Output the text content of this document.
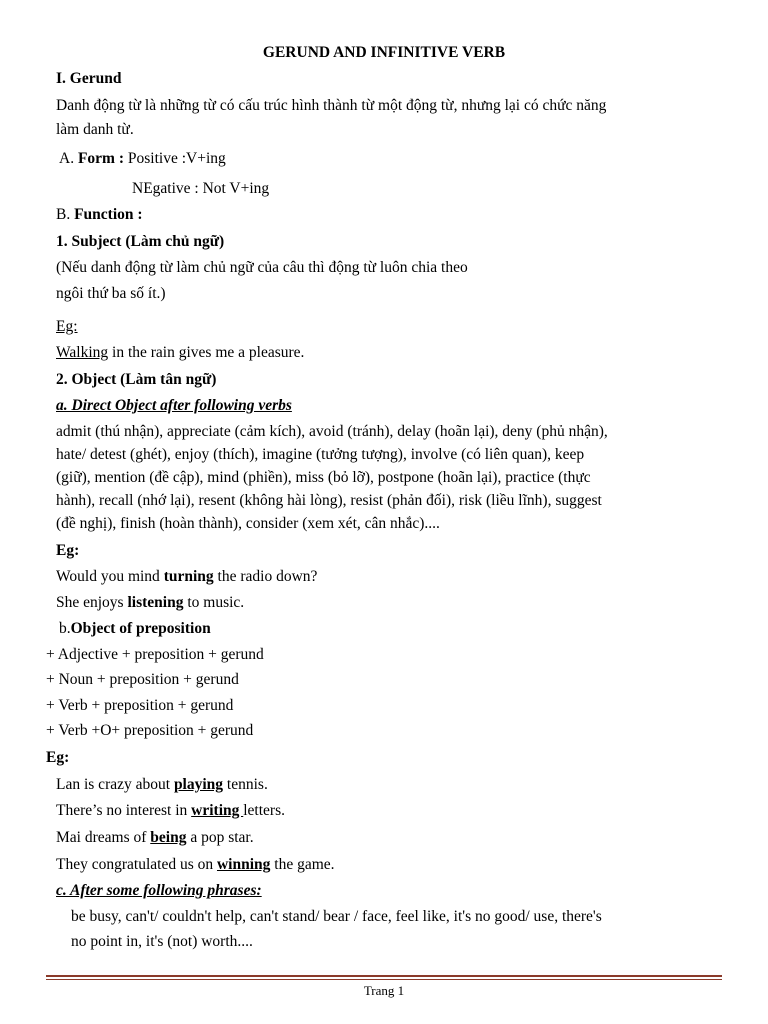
GERUND AND INFINITIVE VERB
I. Gerund
Danh động từ là những từ có cấu trúc hình thành từ một động từ, nhưng lại có chức năng
làm danh từ.
A. Form : Positive :V+ing
NEgative : Not V+ing
B. Function :
1. Subject (Làm chủ ngữ)
(Nếu danh động từ làm chủ ngữ của câu thì động từ luôn chia theo
ngôi thứ ba số ít.)
Eg:
Walking in the rain gives me a pleasure.
2. Object (Làm tân ngữ)
a. Direct Object after following verbs
admit (thú nhận), appreciate (cảm kích), avoid (tránh), delay (hoãn lại), deny (phủ nhận),
hate/ detest (ghét), enjoy (thích), imagine (tưởng tượng), involve (có liên quan), keep
(giữ), mention (đề cập), mind (phiền), miss (bỏ lỡ), postpone (hoãn lại), practice (thực
hành), recall (nhớ lại), resent (không hài lòng), resist (phản đối), risk (liều lĩnh), suggest
(đề nghị), finish (hoàn thành), consider (xem xét, cân nhắc)....
Eg:
Would you mind turning the radio down?
She enjoys listening to music.
b.Object of preposition
+ Adjective + preposition + gerund
+ Noun + preposition + gerund
+ Verb + preposition + gerund
+ Verb +O+ preposition + gerund
Eg:
Lan is crazy about playing tennis.
There’s no interest in writing letters.
Mai dreams of being a pop star.
They congratulated us on winning the game.
c. After some following phrases:
be busy, can't/ couldn't help, can't stand/ bear / face, feel like, it's no good/ use, there's
no point in, it's (not) worth....
Trang 1
